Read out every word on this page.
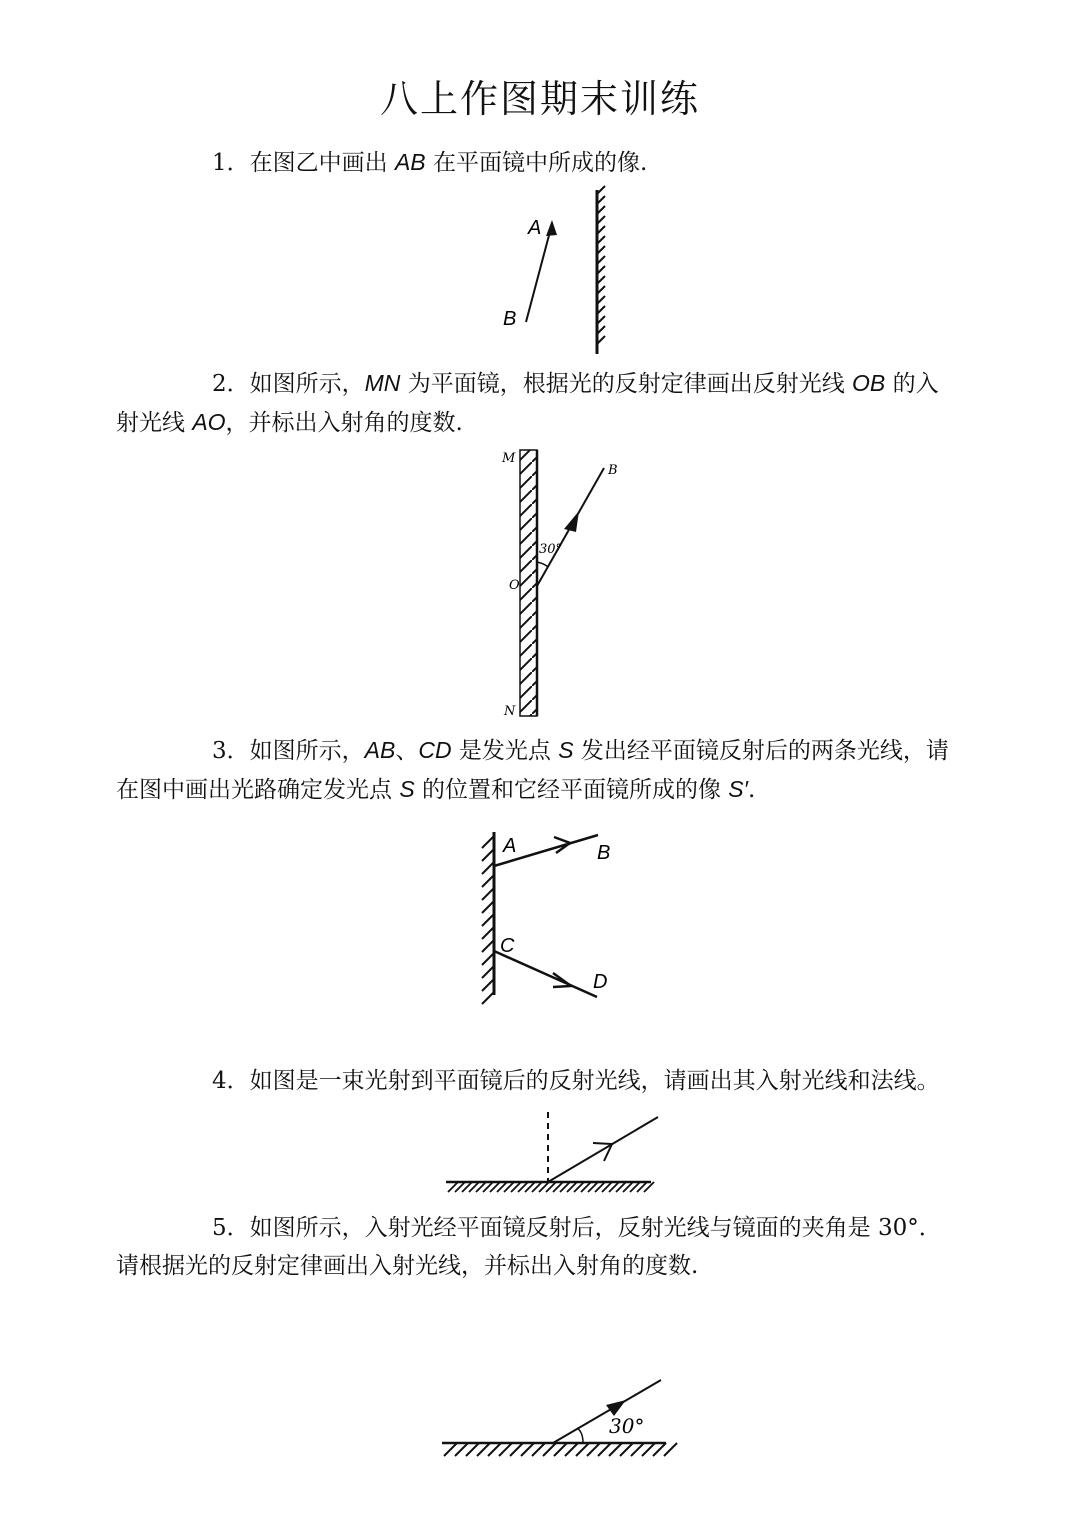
八上作图期末训练
1．在图乙中画出 AB 在平面镜中所成的像.
2．如图所示，MN 为平面镜，根据光的反射定律画出反射光线 OB 的入射光线 AO，并标出入射角的度数.
3．如图所示，AB、CD 是发光点 S 发出经平面镜反射后的两条光线，请在图中画出光路确定发光点 S 的位置和它经平面镜所成的像 S′.
4．如图是一束光射到平面镜后的反射光线，请画出其入射光线和法线。
5．如图所示，入射光经平面镜反射后，反射光线与镜面的夹角是 30°．请根据光的反射定律画出入射光线，并标出入射角的度数.
A
B
30°
M
B
O
N
A	B
C
D
30°
